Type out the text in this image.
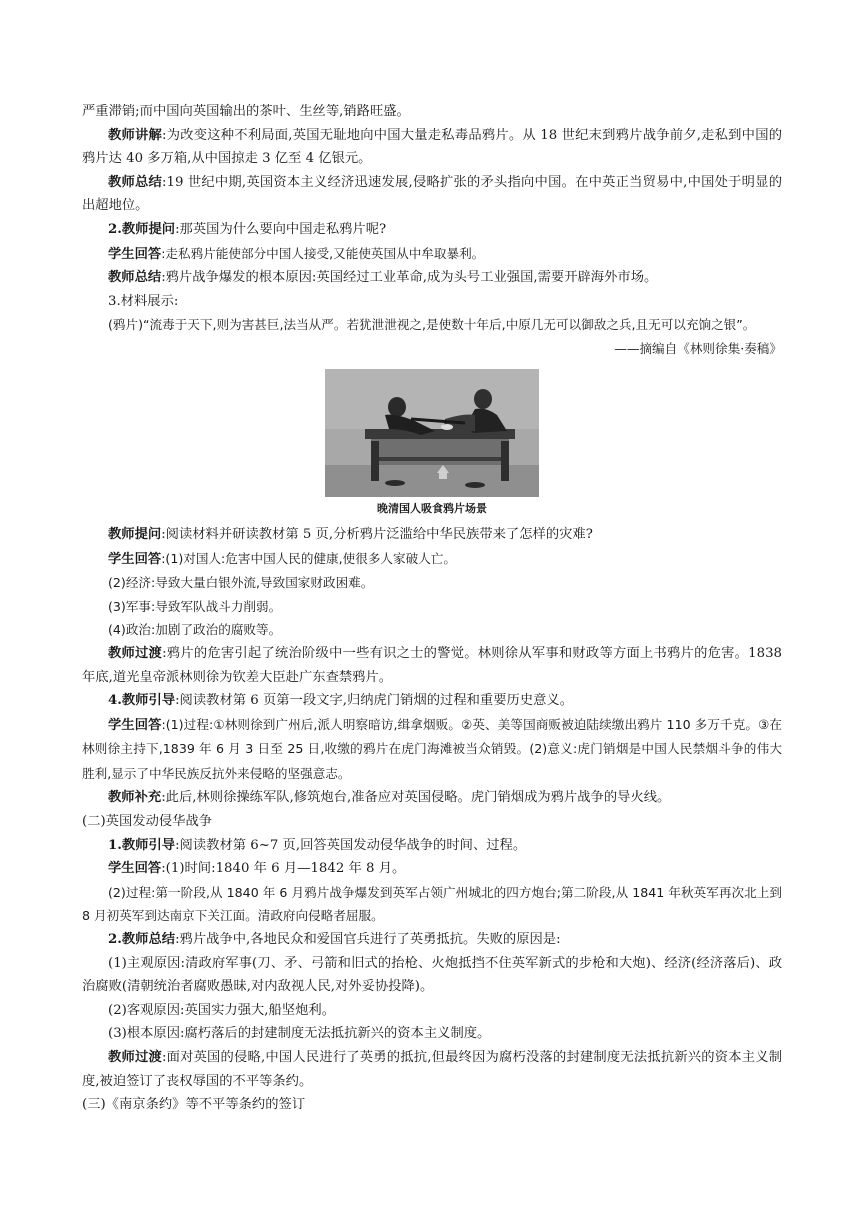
严重滞销;而中国向英国输出的茶叶、生丝等,销路旺盛。

教师讲解:为改变这种不利局面,英国无耻地向中国大量走私毒品鸦片。从 18 世纪末到鸦片战争前夕,走私到中国的鸦片达 40 多万箱,从中国掠走 3 亿至 4 亿银元。

教师总结:19 世纪中期,英国资本主义经济迅速发展,侵略扩张的矛头指向中国。在中英正当贸易中,中国处于明显的出超地位。

2.教师提问:那英国为什么要向中国走私鸦片呢?

学生回答:走私鸦片能使部分中国人接受,又能使英国从中牟取暴利。

教师总结:鸦片战争爆发的根本原因:英国经过工业革命,成为头号工业强国,需要开辟海外市场。

3.材料展示:

(鸦片)“流毒于天下,则为害甚巨,法当从严。若犹泄泄视之,是使数十年后,中原几无可以御敌之兵,且无可以充饷之银”。

——摘编自《林则徐集·奏稿》

晚清国人吸食鸦片场景

教师提问:阅读材料并研读教材第 5 页,分析鸦片泛滥给中华民族带来了怎样的灾难?

学生回答:(1)对国人:危害中国人民的健康,使很多人家破人亡。

(2)经济:导致大量白银外流,导致国家财政困难。

(3)军事:导致军队战斗力削弱。

(4)政治:加剧了政治的腐败等。

教师过渡:鸦片的危害引起了统治阶级中一些有识之士的警觉。林则徐从军事和财政等方面上书鸦片的危害。1838 年底,道光皇帝派林则徐为钦差大臣赴广东查禁鸦片。

4.教师引导:阅读教材第 6 页第一段文字,归纳虎门销烟的过程和重要历史意义。

学生回答:(1)过程:①林则徐到广州后,派人明察暗访,缉拿烟贩。②英、美等国商贩被迫陆续缴出鸦片 110 多万千克。③在林则徐主持下,1839 年 6 月 3 日至 25 日,收缴的鸦片在虎门海滩被当众销毁。(2)意义:虎门销烟是中国人民禁烟斗争的伟大胜利,显示了中华民族反抗外来侵略的坚强意志。

教师补充:此后,林则徐操练军队,修筑炮台,准备应对英国侵略。虎门销烟成为鸦片战争的导火线。

(二)英国发动侵华战争

1.教师引导:阅读教材第 6~7 页,回答英国发动侵华战争的时间、过程。

学生回答:(1)时间:1840 年 6 月—1842 年 8 月。

(2)过程:第一阶段,从 1840 年 6 月鸦片战争爆发到英军占领广州城北的四方炮台;第二阶段,从 1841 年秋英军再次北上到 8 月初英军到达南京下关江面。清政府向侵略者屈服。

2.教师总结:鸦片战争中,各地民众和爱国官兵进行了英勇抵抗。失败的原因是:

(1)主观原因:清政府军事(刀、矛、弓箭和旧式的抬枪、火炮抵挡不住英军新式的步枪和大炮)、经济(经济落后)、政治腐败(清朝统治者腐败愚昧,对内敌视人民,对外妥协投降)。

(2)客观原因:英国实力强大,船坚炮利。

(3)根本原因:腐朽落后的封建制度无法抵抗新兴的资本主义制度。

教师过渡:面对英国的侵略,中国人民进行了英勇的抵抗,但最终因为腐朽没落的封建制度无法抵抗新兴的资本主义制度,被迫签订了丧权辱国的不平等条约。

(三)《南京条约》等不平等条约的签订
